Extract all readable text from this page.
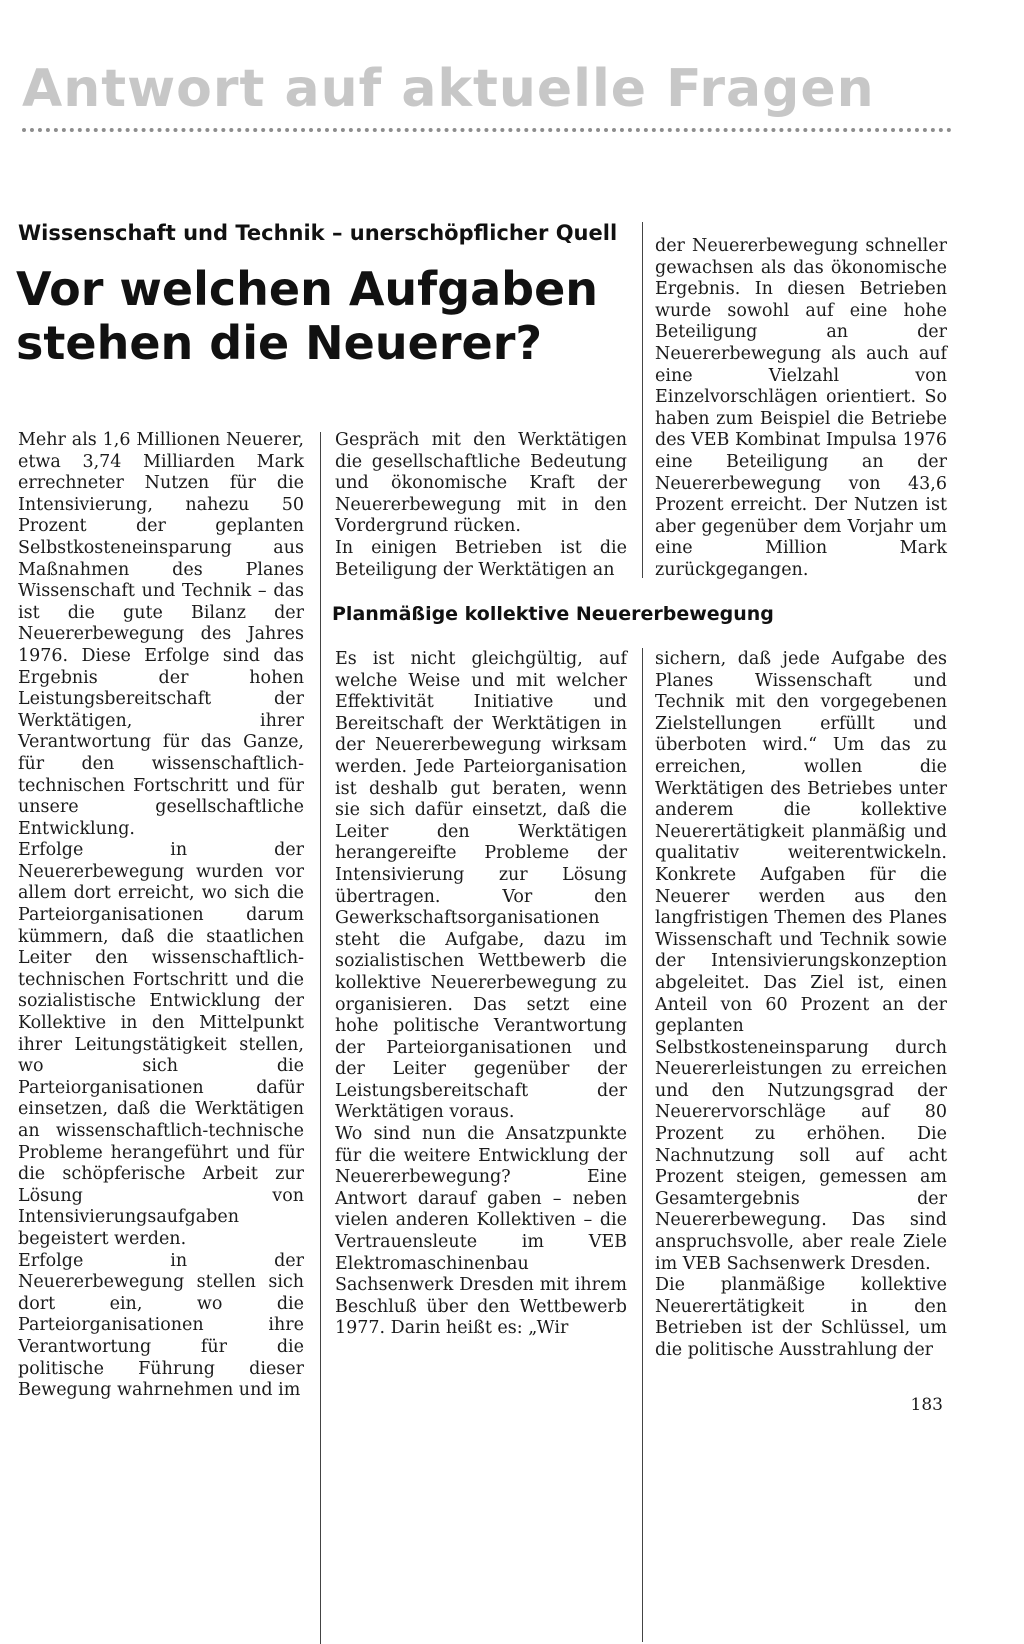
Antwort auf aktuelle Fragen
Wissenschaft und Technik – unerschöpflicher Quell
Vor welchen Aufgaben stehen die Neuerer?

der Neuererbewegung schneller gewachsen als das ökonomische Ergebnis. In diesen Betrieben wurde sowohl auf eine hohe Beteiligung an der Neuererbewegung als auch auf eine Vielzahl von Einzelvorschlägen orientiert. So haben zum Beispiel die Betriebe des VEB Kombinat Impulsa 1976 eine Beteiligung an der Neuererbewegung von 43,6 Prozent erreicht. Der Nutzen ist aber gegenüber dem Vorjahr um eine Million Mark zurückgegangen.

Mehr als 1,6 Millionen Neuerer, etwa 3,74 Milliarden Mark errechneter Nutzen für die Intensivierung, nahezu 50 Prozent der geplanten Selbstkosteneinsparung aus Maßnahmen des Planes Wissenschaft und Technik – das ist die gute Bilanz der Neuererbewegung des Jahres 1976. Diese Erfolge sind das Ergebnis der hohen Leistungsbereitschaft der Werktätigen, ihrer Verantwortung für das Ganze, für den wissenschaftlich-technischen Fortschritt und für unsere gesellschaftliche Entwicklung.

Erfolge in der Neuererbewegung wurden vor allem dort erreicht, wo sich die Parteiorganisationen darum kümmern, daß die staatlichen Leiter den wissenschaftlich-technischen Fortschritt und die sozialistische Entwicklung der Kollektive in den Mittelpunkt ihrer Leitungstätigkeit stellen, wo sich die Parteiorganisationen dafür einsetzen, daß die Werktätigen an wissenschaftlich-technische Probleme herangeführt und für die schöpferische Arbeit zur Lösung von Intensivierungsaufgaben begeistert werden.

Erfolge in der Neuererbewegung stellen sich dort ein, wo die Parteiorganisationen ihre Verantwortung für die politische Führung dieser Bewegung wahrnehmen und im

Gespräch mit den Werktätigen die gesellschaftliche Bedeutung und ökonomische Kraft der Neuererbewegung mit in den Vordergrund rücken.

In einigen Betrieben ist die Beteiligung der Werktätigen an

Planmäßige kollektive Neuererbewegung

Es ist nicht gleichgültig, auf welche Weise und mit welcher Effektivität Initiative und Bereitschaft der Werktätigen in der Neuererbewegung wirksam werden. Jede Parteiorganisation ist deshalb gut beraten, wenn sie sich dafür einsetzt, daß die Leiter den Werktätigen herangereifte Probleme der Intensivierung zur Lösung übertragen. Vor den Gewerkschaftsorganisationen steht die Aufgabe, dazu im sozialistischen Wettbewerb die kollektive Neuererbewegung zu organisieren. Das setzt eine hohe politische Verantwortung der Parteiorganisationen und der Leiter gegenüber der Leistungsbereitschaft der Werktätigen voraus.

Wo sind nun die Ansatzpunkte für die weitere Entwicklung der Neuererbewegung? Eine Antwort darauf gaben – neben vielen anderen Kollektiven – die Vertrauensleute im VEB Elektromaschinenbau Sachsenwerk Dresden mit ihrem Beschluß über den Wettbewerb 1977. Darin heißt es: „Wir

sichern, daß jede Aufgabe des Planes Wissenschaft und Technik mit den vorgegebenen Zielstellungen erfüllt und überboten wird.“ Um das zu erreichen, wollen die Werktätigen des Betriebes unter anderem die kollektive Neuerertätigkeit planmäßig und qualitativ weiterentwickeln. Konkrete Aufgaben für die Neuerer werden aus den langfristigen Themen des Planes Wissenschaft und Technik sowie der Intensivierungskonzeption abgeleitet. Das Ziel ist, einen Anteil von 60 Prozent an der geplanten Selbstkosteneinsparung durch Neuererleistungen zu erreichen und den Nutzungsgrad der Neuerervorschläge auf 80 Prozent zu erhöhen. Die Nachnutzung soll auf acht Prozent steigen, gemessen am Gesamtergebnis der Neuererbewegung. Das sind anspruchsvolle, aber reale Ziele im VEB Sachsenwerk Dresden.

Die planmäßige kollektive Neuerertätigkeit in den Betrieben ist der Schlüssel, um die politische Ausstrahlung der

183
